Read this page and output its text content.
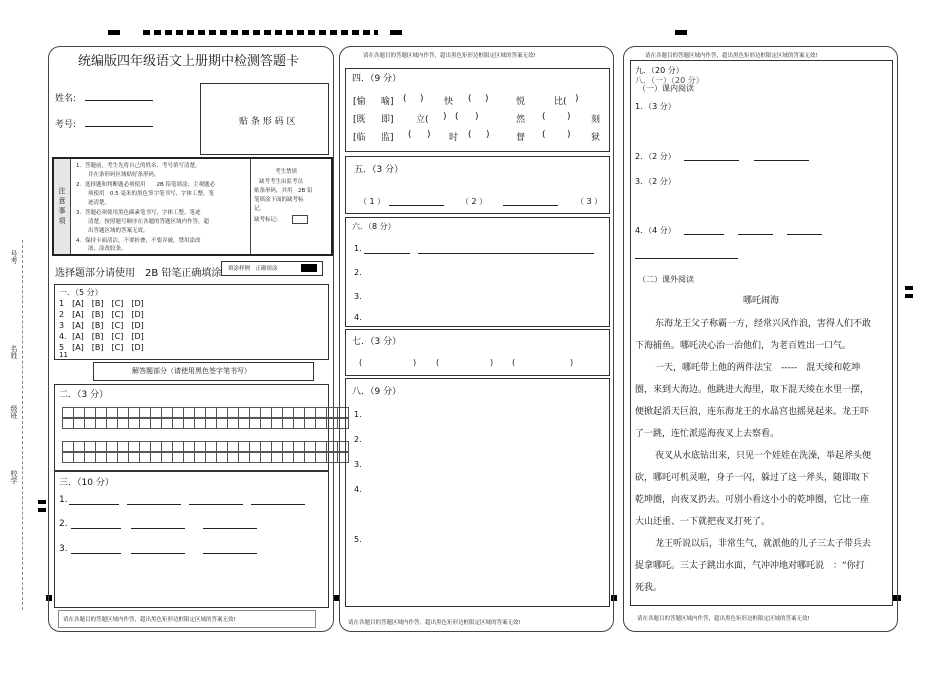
号考
名姓
级班
校学
统编版四年级语文上册期中检测答题卡
姓名:
考号:	贴 条 形 码 区
注意事项
1．答题前，考生先将自己的姓名、考号填写清楚，
并在条形码区域贴好条形码。
2．选择题和判断题必须使用　　2B 铅笔填涂；主观题必
须使用　0.5 毫米的黑色签字笔书写，字体工整，笔
迹清楚。
3．答题必须使用黑色碳素笔书写，字体工整、笔迹
清楚。按照题号顺序在各题的答题区域内作答，超
出答题区域的答案无效。
4．保持卡面清洁，不要折叠，不要弄破，禁用涂改
液、涂改胶条。
考生禁填
缺考考生由监考员
贴条形码，并用　2B 铅
笔填涂下面的缺考标
记。
缺考标记:
选择题部分请使用　2B 铅笔正确填涂 填涂样例　正确填涂
一．（5 分）
1　[A]　[B]　[C]　[D]
2　[A]　[B]　[C]　[D]
3　[A]　[B]　[C]　[D]
4．[A]　[B]　[C]　[D]
5　[A]　[B]　[C]　[D]
11
解答题部分（请使用黑色签字笔书写）
二．（3 分）
三．（10 分）
1.
2.
3.
请在各题目的答题区域内作答，超出黑色矩形边框限定区域的答案无效!
请在各题目的答题区域内作答，超出黑色矩形边框限定区域的答案无效!
四．（9 分）
[愉 喻] ( ) 快 ( )	悦	比( )
[既 即] 立( ) ( )	然 ( ) 刻
[临 监] ( ) 时 ( )	督 ( ) 狱
五．（3 分）
（ 1 ）	（ 2 ）	（ 3 ）
六．（8 分）
1.
2.
3.
4.
七．（3 分）
(	) (	) (	)
八．（9 分）
1.
2.
3.
4.
5.
请在各题目的答题区域内作答，超出黑色矩形边框限定区域的答案无效!
请在各题目的答题区域内作答，超出黑色矩形边框限定区域的答案无效!
九．（20 分）
八．（一）（20 分）
（一）课内阅读
1．（3 分）
2．（2 分）
3．（2 分）
4．（4 分）
（二）课外阅读
哪吒闹海

东海龙王父子称霸一方，经常兴风作浪，害得人们不敢下海捕鱼。哪吒决心治一治他们，为老百姓出一口气。

一天，哪吒带上他的两件法宝　-----　混天绫和乾坤圈，来到大海边。他跳进大海里，取下混天绫在水里一摆，便掀起滔天巨浪，连东海龙王的水晶宫也摇晃起来。龙王吓了一跳，连忙派巡海夜叉上去察看。

夜叉从水底钻出来，只见一个娃娃在洗澡，举起斧头便砍，哪吒可机灵啦，身子一闪，躲过了这一斧头，随即取下乾坤圈，向夜叉扔去。可别小看这小小的乾坤圈，它比一座大山还重、一下就把夜叉打死了。

龙王听说以后，非常生气，就派他的儿子三太子带兵去捉拿哪吒。三太子跳出水面，气冲冲地对哪吒说　：“你打死我。

请在各题目的答题区域内作答，超出黑色矩形边框限定区域的答案无效!
